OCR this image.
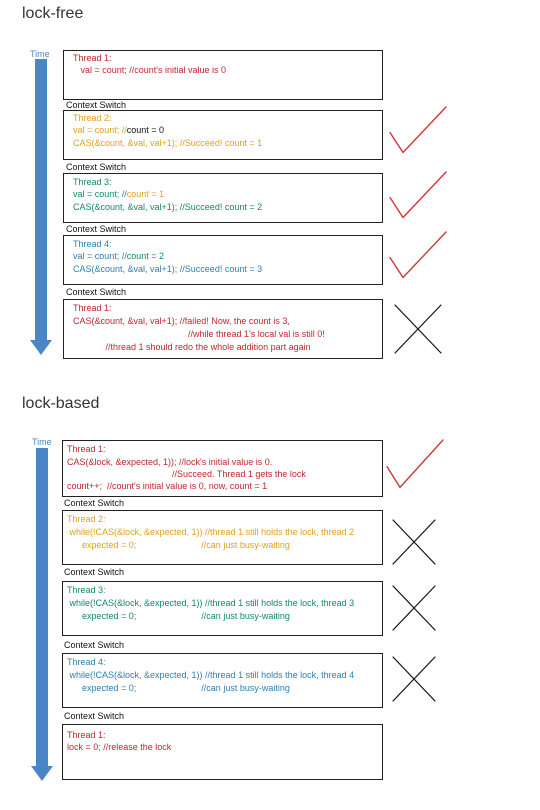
lock-free
Time	Thread 1:
val = count; //count's initial value is 0
Context Switch
Thread 2:
val = count; //count = 0
CAS(&count, &val, val+1); //Succeed! count = 1
Context Switch
Thread 3:
val = count; //count = 1
CAS(&count, &val, val+1); //Succeed! count = 2
Context Switch
Thread 4:
val = count; //count = 2
CAS(&count, &val, val+1); //Succeed! count = 3
Context Switch
Thread 1:
CAS(&count, &val, val+1); //failed! Now, the count is 3,
//while thread 1's local val is still 0!
//thread 1 should redo the whole addition part again
lock-based
Time
Thread 1:
CAS(&lock, &expected, 1)); //lock's initial value is 0.
//Succeed. Thread 1 gets the lock
count++;  //count's initial value is 0, now, count = 1
Context Switch
Thread 2:
while(!CAS(&lock, &expected, 1)) //thread 1 still holds the lock, thread 2
expected = 0;                          //can just busy-waiting
Context Switch
Thread 3:
while(!CAS(&lock, &expected, 1)) //thread 1 still holds the lock, thread 3
expected = 0;                          //can just busy-waiting
Context Switch
Thread 4:
while(!CAS(&lock, &expected, 1)) //thread 1 still holds the lock, thread 4
expected = 0;                          //can just busy-waiting
Context Switch
Thread 1:
lock = 0; //release the lock
